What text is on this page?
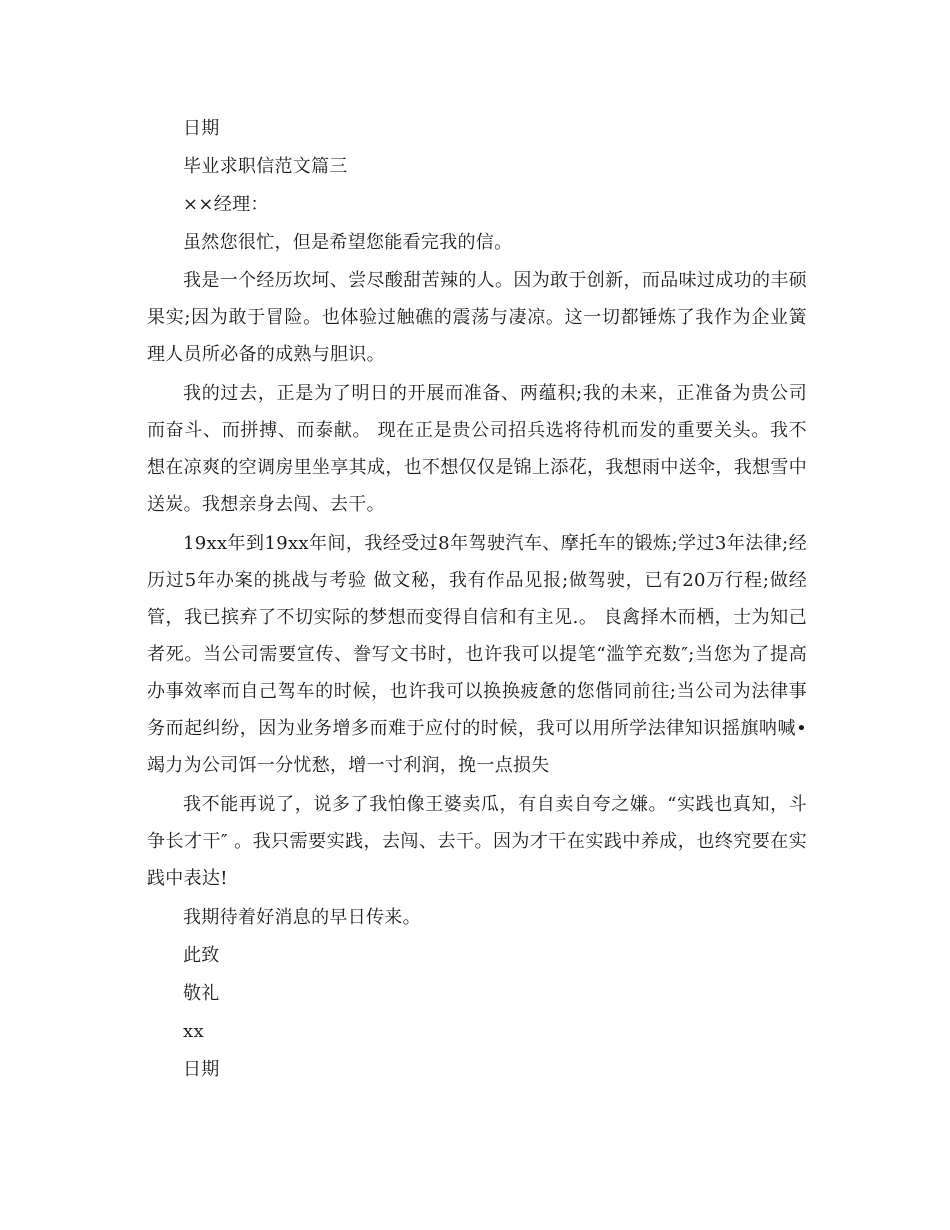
日期

毕业求职信范文篇三

××经理：

虽然您很忙，但是希望您能看完我的信。

我是一个经历坎坷、尝尽酸甜苦辣的人。因为敢于创新，而品味过成功的丰硕果实;因为敢于冒险。也体验过触礁的震荡与凄凉。这一切都锤炼了我作为企业簧理人员所必备的成熟与胆识。

我的过去，正是为了明日的开展而准备、两蕴积;我的未来，正准备为贵公司而奋斗、而拼搏、而泰献。 现在正是贵公司招兵选将待机而发的重要关头。我不想在凉爽的空调房里坐享其成，也不想仅仅是锦上添花，我想雨中送伞，我想雪中送炭。我想亲身去闯、去干。

19xx年到19xx年间，我经受过8年驾驶汽车、摩托车的锻炼;学过3年法律;经历过5年办案的挑战与考验 做文秘，我有作品见报;做驾驶，已有20万行程;做经管，我已摈弃了不切实际的梦想而变得自信和有主见.。 良禽择木而栖，士为知己者死。当公司需要宣传、誊写文书时，也许我可以提笔“滥竽充数″;当您为了提高办事效率而自己驾车的时候，也许我可以换换疲惫的您偕同前往;当公司为法律事务而起纠纷，因为业务增多而难于应付的时候，我可以用所学法律知识摇旗呐喊•竭力为公司饵一分忧愁，增一寸利润，挽一点损失

我不能再说了，说多了我怕像王婆卖瓜，有自卖自夸之嫌。“实践也真知，斗争长才干″ 。我只需要实践，去闯、去干。因为才干在实践中养成，也终究要在实践中表达!

我期待着好消息的早日传来。

此致

敬礼

xx

日期
